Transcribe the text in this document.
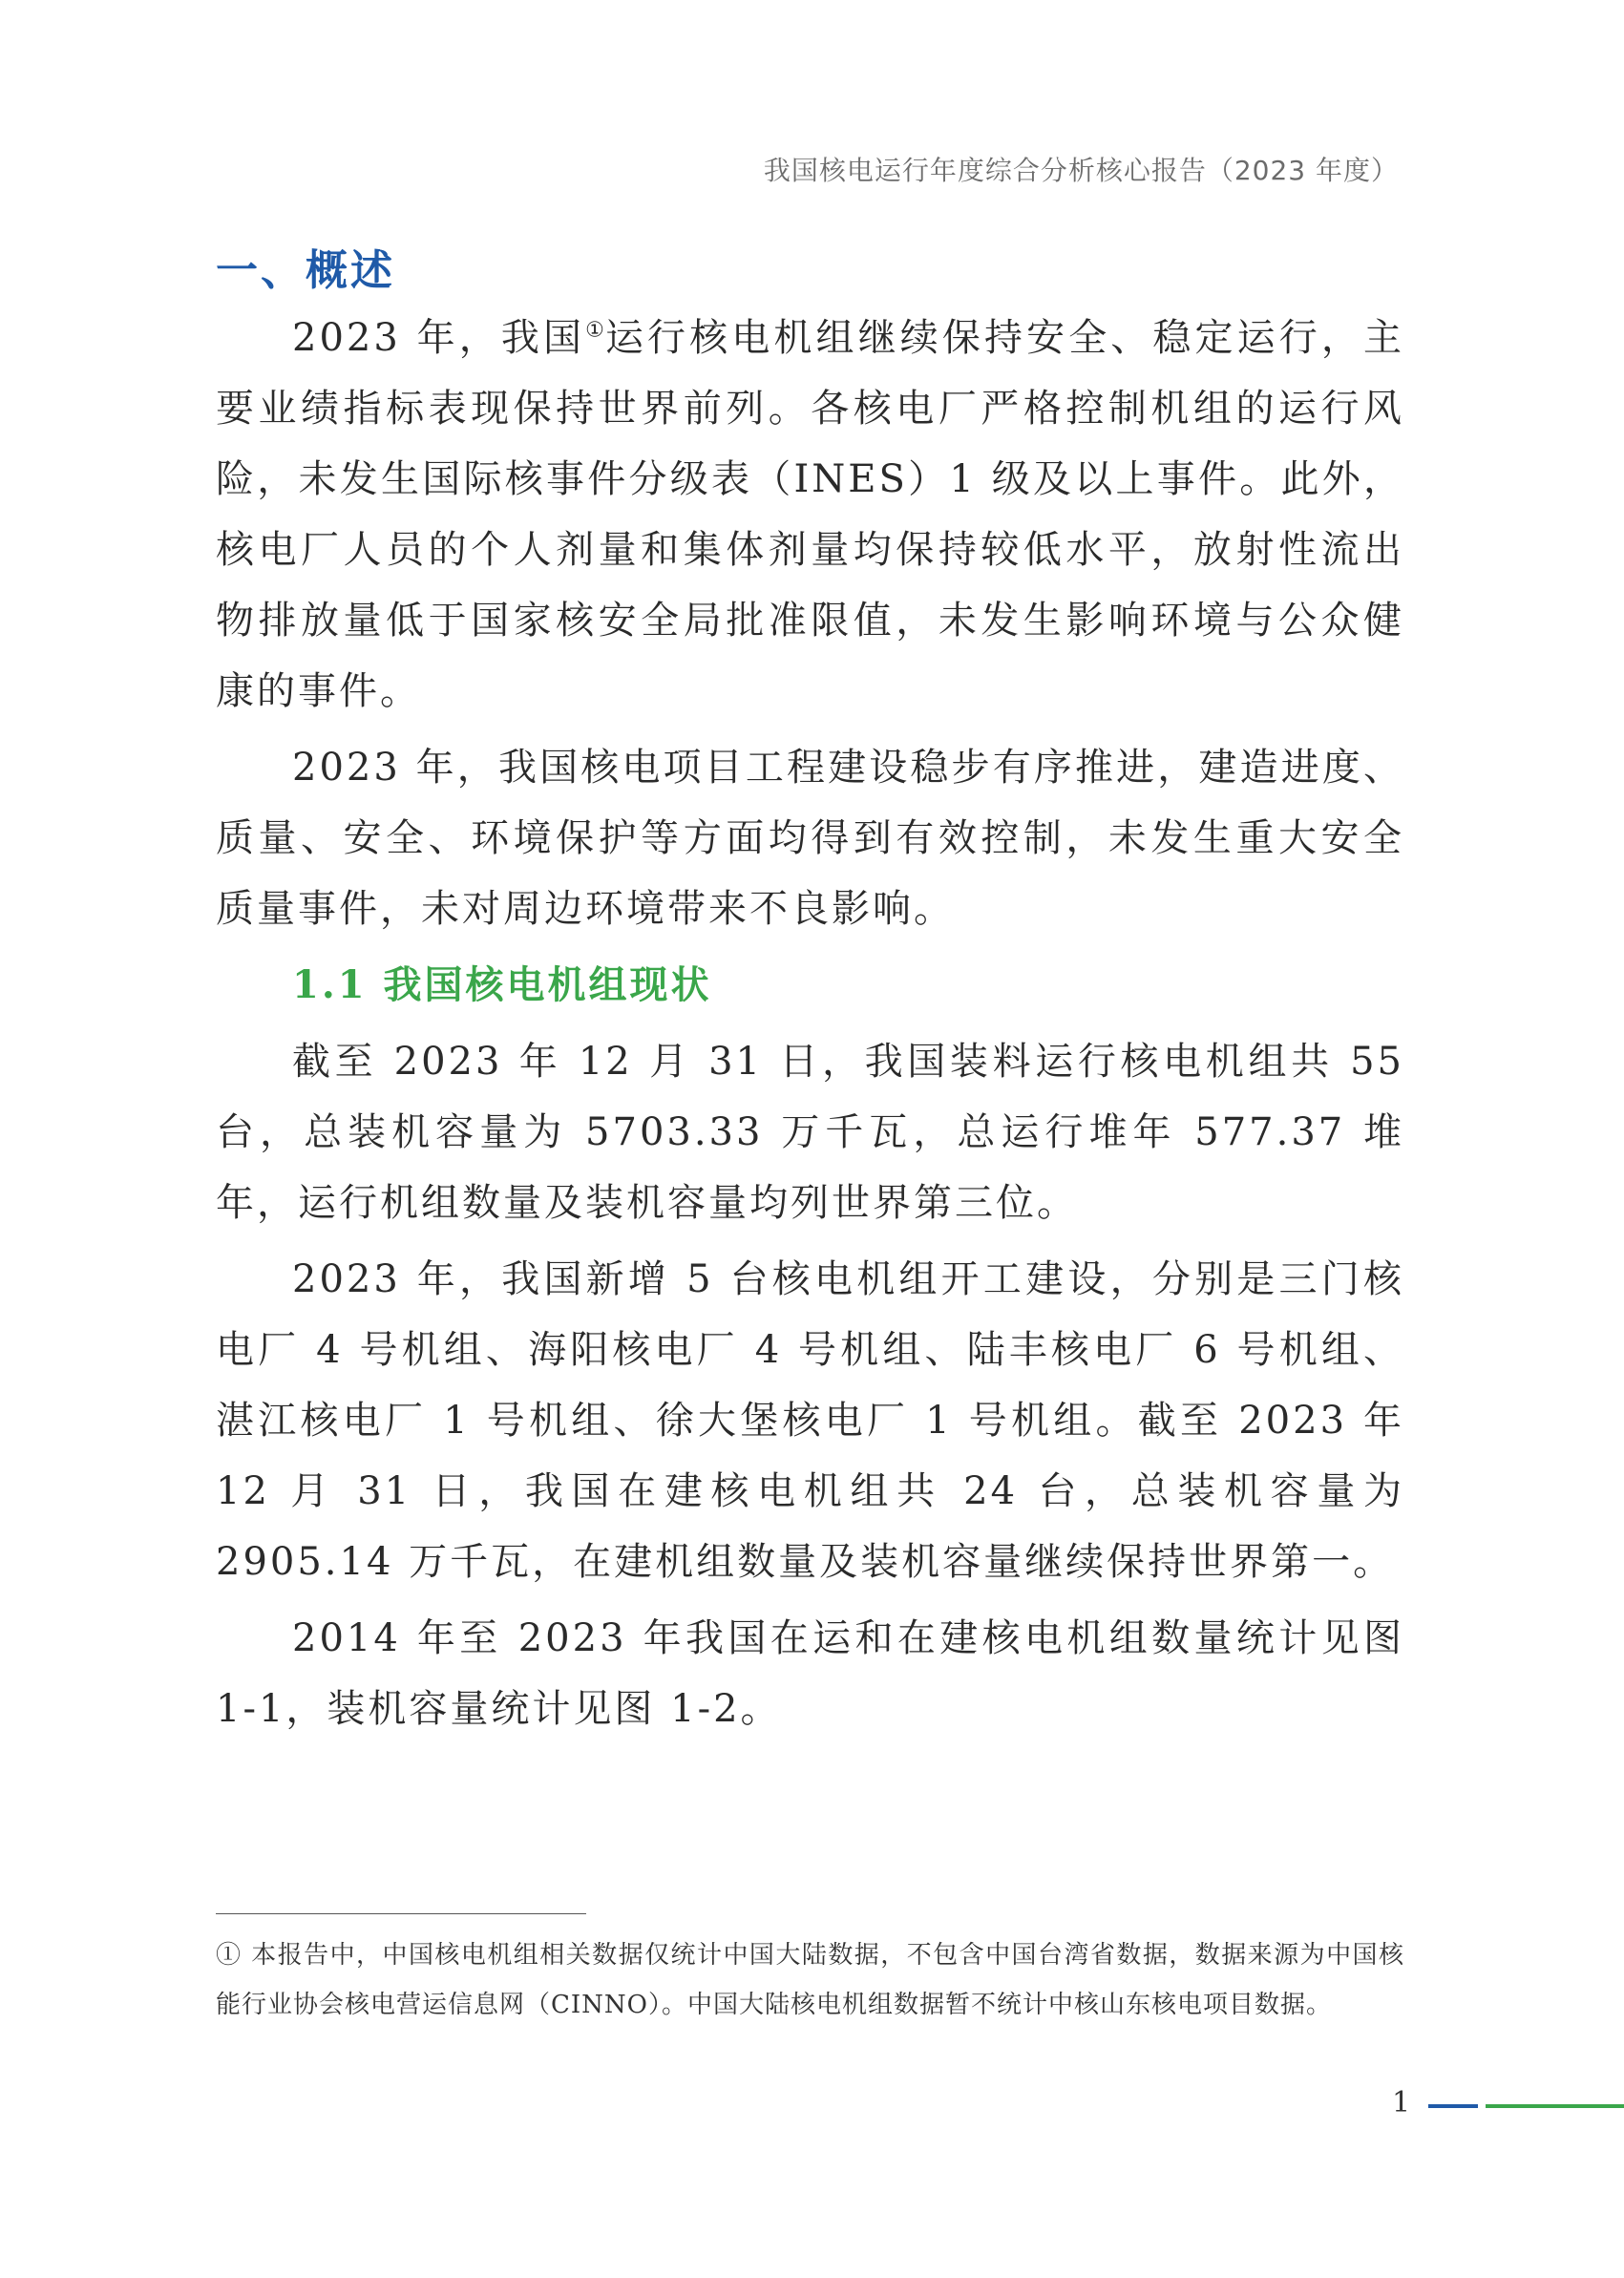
我国核电运行年度综合分析核心报告（2023 年度）
一、概述

2023 年，我国①运行核电机组继续保持安全、稳定运行，主要业绩指标表现保持世界前列。各核电厂严格控制机组的运行风险，未发生国际核事件分级表（INES）1 级及以上事件。此外，核电厂人员的个人剂量和集体剂量均保持较低水平，放射性流出物排放量低于国家核安全局批准限值，未发生影响环境与公众健康的事件。

2023 年，我国核电项目工程建设稳步有序推进，建造进度、质量、安全、环境保护等方面均得到有效控制，未发生重大安全质量事件，未对周边环境带来不良影响。

1.1 我国核电机组现状

截至 2023 年 12 月 31 日，我国装料运行核电机组共 55 台，总装机容量为 5703.33 万千瓦，总运行堆年 577.37 堆年，运行机组数量及装机容量均列世界第三位。

2023 年，我国新增 5 台核电机组开工建设，分别是三门核电厂 4 号机组、海阳核电厂 4 号机组、陆丰核电厂 6 号机组、湛江核电厂 1 号机组、徐大堡核电厂 1 号机组。截至 2023 年 12 月 31 日，我国在建核电机组共 24 台，总装机容量为 2905.14 万千瓦，在建机组数量及装机容量继续保持世界第一。

2014 年至 2023 年我国在运和在建核电机组数量统计见图 1-1，装机容量统计见图 1-2。

① 本报告中，中国核电机组相关数据仅统计中国大陆数据，不包含中国台湾省数据，数据来源为中国核能行业协会核电营运信息网（CINNO）。中国大陆核电机组数据暂不统计中核山东核电项目数据。
1
